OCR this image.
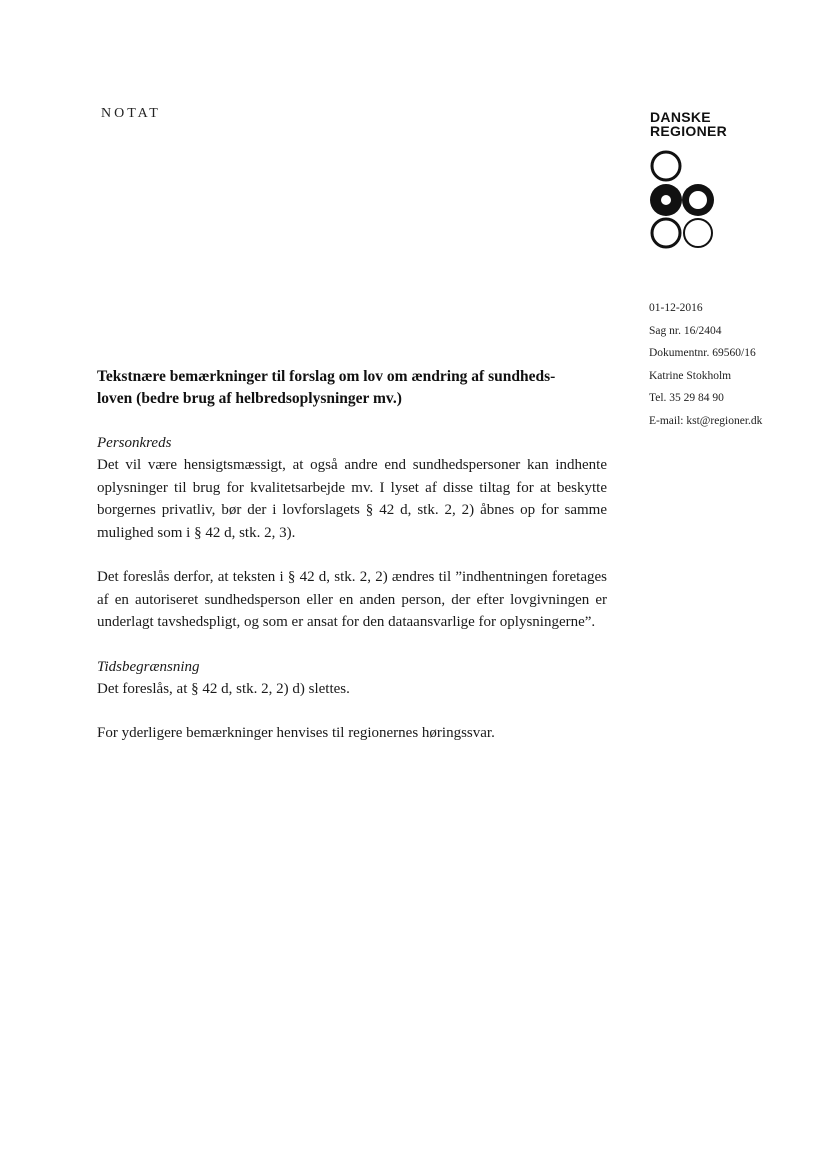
NOTAT	DANSKE
REGIONER
01-12-2016
Sag nr. 16/2404
Dokumentnr. 69560/16
Katrine Stokholm
Tel. 35 29 84 90
E-mail: kst@regioner.dk

Tekstnære bemærkninger til forslag om lov om ændring af sundheds-
loven (bedre brug af helbredsoplysninger mv.)

Personkreds

Det vil være hensigtsmæssigt, at også andre end sundhedspersoner kan indhente oplysninger til brug for kvalitetsarbejde mv. I lyset af disse tiltag for at beskytte borgernes privatliv, bør der i lovforslagets § 42 d, stk. 2, 2) åbnes op for samme mulighed som i § 42 d, stk. 2, 3).

Det foreslås derfor, at teksten i § 42 d, stk. 2, 2) ændres til ”indhentningen foretages af en autoriseret sundhedsperson eller en anden person, der efter lovgivningen er underlagt tavshedspligt, og som er ansat for den dataansvarlige for oplysningerne”.

Tidsbegrænsning

Det foreslås, at § 42 d, stk. 2, 2) d) slettes.

For yderligere bemærkninger henvises til regionernes høringssvar.
